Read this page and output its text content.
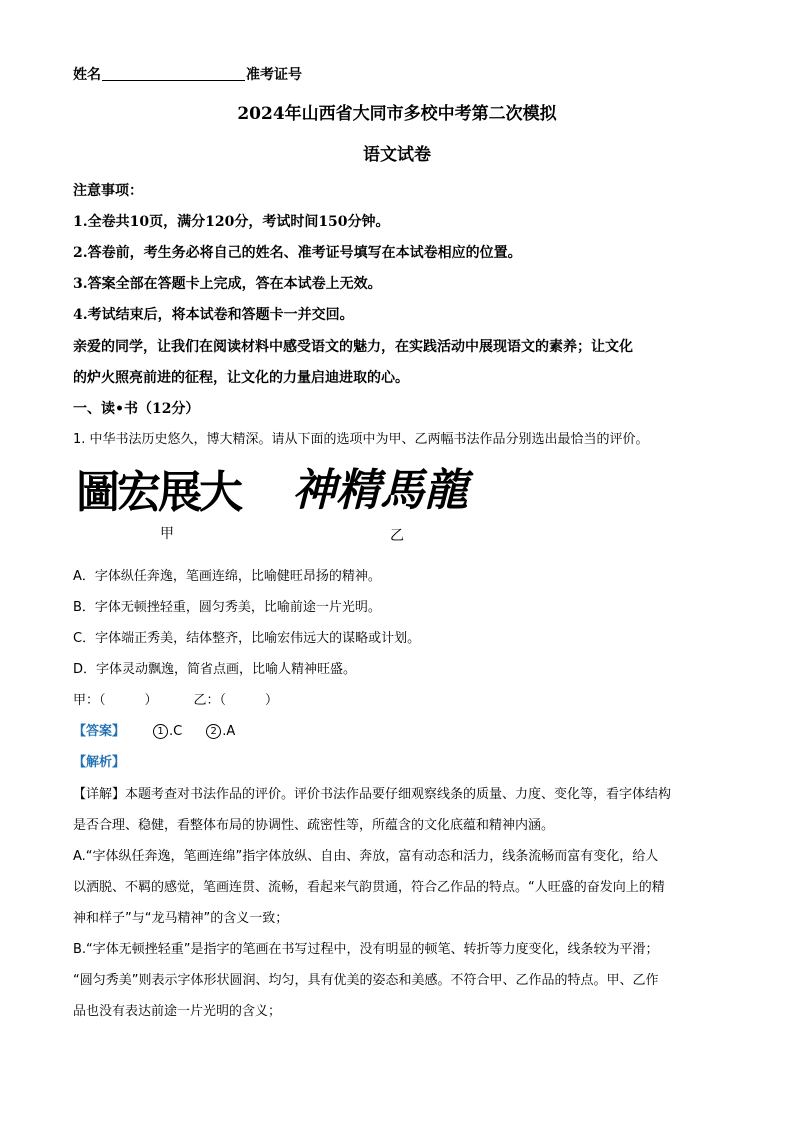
姓名	准考证号
2024年山西省大同市多校中考第二次模拟
语文试卷
注意事项：
1.全卷共10页，满分120分，考试时间150分钟。
2.答卷前，考生务必将自己的姓名、准考证号填写在本试卷相应的位置。
3.答案全部在答题卡上完成，答在本试卷上无效。
4.考试结束后，将本试卷和答题卡一并交回。
亲爱的同学，让我们在阅读材料中感受语文的魅力，在实践活动中展现语文的素养；让文化
的炉火照亮前进的征程，让文化的力量启迪进取的心。
一、读•书（12分）
1. 中华书法历史悠久，博大精深。请从下面的选项中为甲、乙两幅书法作品分别选出最恰当的评价。
圖宏展大 神精馬龍
甲	乙
A．字体纵任奔逸，笔画连绵，比喻健旺昂扬的精神。
B．字体无顿挫轻重，圆匀秀美，比喻前途一片光明。
C．字体端正秀美，结体整齐，比喻宏伟远大的谋略或计划。
D．字体灵动飘逸，简省点画，比喻人精神旺盛。
甲：（　　　）	乙：（　　　）
【答案】	1 .C	2 .A
【解析】
【详解】本题考查对书法作品的评价。评价书法作品要仔细观察线条的质量、力度、变化等，看字体结构
是否合理、稳健，看整体布局的协调性、疏密性等，所蕴含的文化底蕴和精神内涵。
A.“字体纵任奔逸，笔画连绵”指字体放纵、自由、奔放，富有动态和活力，线条流畅而富有变化，给人
以洒脱、不羁的感觉，笔画连贯、流畅，看起来气韵贯通，符合乙作品的特点。“人旺盛的奋发向上的精
神和样子”与“龙马精神”的含义一致；
B.“字体无顿挫轻重”是指字的笔画在书写过程中，没有明显的顿笔、转折等力度变化，线条较为平滑；
“圆匀秀美”则表示字体形状圆润、均匀，具有优美的姿态和美感。不符合甲、乙作品的特点。甲、乙作
品也没有表达前途一片光明的含义；
